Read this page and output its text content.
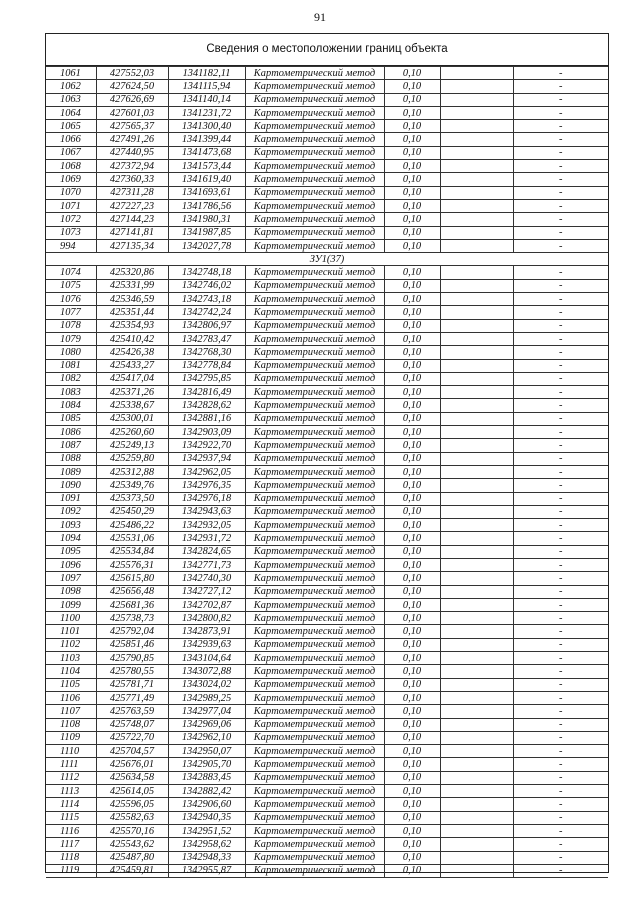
91
Сведения о местоположении границ объекта
1061	427552,03	1341182,11	Картометрический метод	0,10		-
1062	427624,50	1341115,94	Картометрический метод	0,10		-
1063	427626,69	1341140,14	Картометрический метод	0,10		-
1064	427601,03	1341231,72	Картометрический метод	0,10		-
1065	427565,37	1341300,40	Картометрический метод	0,10		-
1066	427491,26	1341399,44	Картометрический метод	0,10		-
1067	427440,95	1341473,68	Картометрический метод	0,10		-
1068	427372,94	1341573,44	Картометрический метод	0,10		-
1069	427360,33	1341619,40	Картометрический метод	0,10		-
1070	427311,28	1341693,61	Картометрический метод	0,10		-
1071	427227,23	1341786,56	Картометрический метод	0,10		-
1072	427144,23	1341980,31	Картометрический метод	0,10		-
1073	427141,81	1341987,85	Картометрический метод	0,10		-
994	427135,34	1342027,78	Картометрический метод	0,10		-
ЗУ1(37)						
1074	425320,86	1342748,18	Картометрический метод	0,10		-
1075	425331,99	1342746,02	Картометрический метод	0,10		-
1076	425346,59	1342743,18	Картометрический метод	0,10		-
1077	425351,44	1342742,24	Картометрический метод	0,10		-
1078	425354,93	1342806,97	Картометрический метод	0,10		-
1079	425410,42	1342783,47	Картометрический метод	0,10		-
1080	425426,38	1342768,30	Картометрический метод	0,10		-
1081	425433,27	1342778,84	Картометрический метод	0,10		-
1082	425417,04	1342795,85	Картометрический метод	0,10		-
1083	425371,26	1342816,49	Картометрический метод	0,10		-
1084	425338,67	1342828,62	Картометрический метод	0,10		-
1085	425300,01	1342881,16	Картометрический метод	0,10		-
1086	425260,60	1342903,09	Картометрический метод	0,10		-
1087	425249,13	1342922,70	Картометрический метод	0,10		-
1088	425259,80	1342937,94	Картометрический метод	0,10		-
1089	425312,88	1342962,05	Картометрический метод	0,10		-
1090	425349,76	1342976,35	Картометрический метод	0,10		-
1091	425373,50	1342976,18	Картометрический метод	0,10		-
1092	425450,29	1342943,63	Картометрический метод	0,10		-
1093	425486,22	1342932,05	Картометрический метод	0,10		-
1094	425531,06	1342931,72	Картометрический метод	0,10		-
1095	425534,84	1342824,65	Картометрический метод	0,10		-
1096	425576,31	1342771,73	Картометрический метод	0,10		-
1097	425615,80	1342740,30	Картометрический метод	0,10		-
1098	425656,48	1342727,12	Картометрический метод	0,10		-
1099	425681,36	1342702,87	Картометрический метод	0,10		-
1100	425738,73	1342800,82	Картометрический метод	0,10		-
1101	425792,04	1342873,91	Картометрический метод	0,10		-
1102	425851,46	1342939,63	Картометрический метод	0,10		-
1103	425790,85	1343104,64	Картометрический метод	0,10		-
1104	425780,55	1343072,88	Картометрический метод	0,10		-
1105	425781,71	1343024,02	Картометрический метод	0,10		-
1106	425771,49	1342989,25	Картометрический метод	0,10		-
1107	425763,59	1342977,04	Картометрический метод	0,10		-
1108	425748,07	1342969,06	Картометрический метод	0,10		-
1109	425722,70	1342962,10	Картометрический метод	0,10		-
1110	425704,57	1342950,07	Картометрический метод	0,10		-
1111	425676,01	1342905,70	Картометрический метод	0,10		-
1112	425634,58	1342883,45	Картометрический метод	0,10		-
1113	425614,05	1342882,42	Картометрический метод	0,10		-
1114	425596,05	1342906,60	Картометрический метод	0,10		-
1115	425582,63	1342940,35	Картометрический метод	0,10		-
1116	425570,16	1342951,52	Картометрический метод	0,10		-
1117	425543,62	1342958,62	Картометрический метод	0,10		-
1118	425487,80	1342948,33	Картометрический метод	0,10		-
1119	425459,81	1342955,87	Картометрический метод	0,10		-
